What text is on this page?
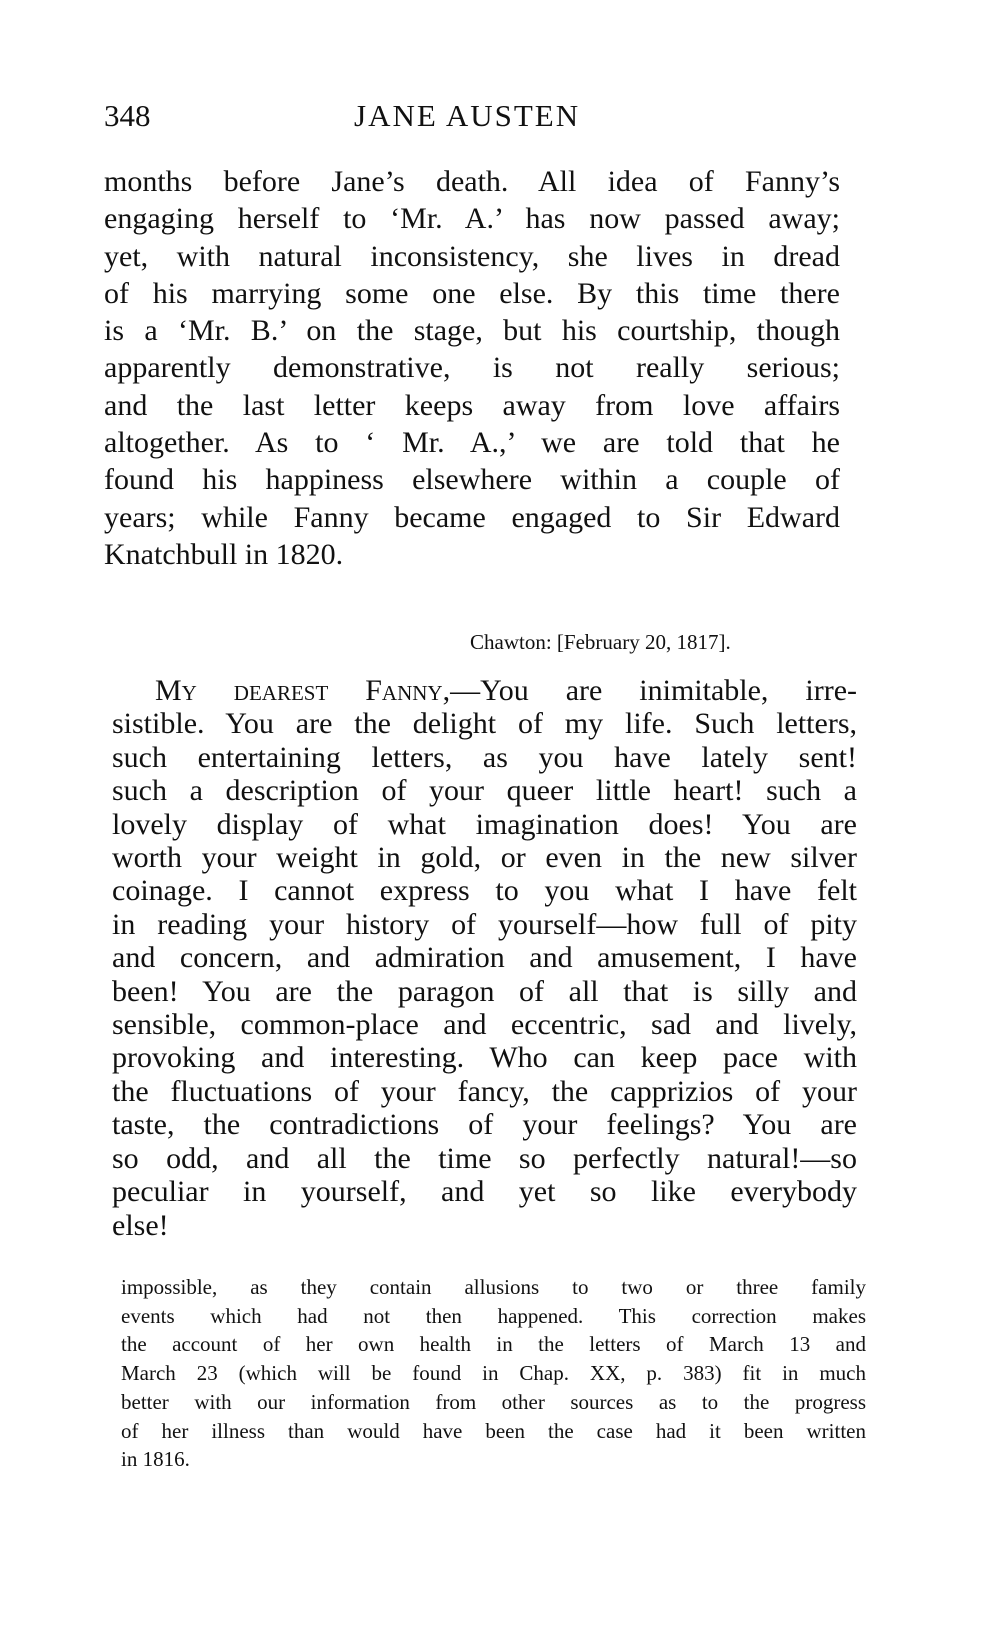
348	JANE AUSTEN
months before Jane’s death. All idea of Fanny’s
engaging herself to ‘Mr. A.’ has now passed away;
yet, with natural inconsistency, she lives in dread
of his marrying some one else. By this time there
is a ‘Mr. B.’ on the stage, but his courtship, though
apparently demonstrative, is not really serious;
and the last letter keeps away from love affairs
altogether. As to ‘ Mr. A.,’ we are told that he
found his happiness elsewhere within a couple of
years; while Fanny became engaged to Sir Edward
Knatchbull in 1820.
Chawton: [February 20, 1817].
My dearest Fanny,—You are inimitable, irre-
sistible. You are the delight of my life. Such letters,
such entertaining letters, as you have lately sent!
such a description of your queer little heart! such a
lovely display of what imagination does! You are
worth your weight in gold, or even in the new silver
coinage. I cannot express to you what I have felt
in reading your history of yourself—how full of pity
and concern, and admiration and amusement, I have
been! You are the paragon of all that is silly and
sensible, common-place and eccentric, sad and lively,
provoking and interesting. Who can keep pace with
the fluctuations of your fancy, the capprizios of your
taste, the contradictions of your feelings? You are
so odd, and all the time so perfectly natural!—so
peculiar in yourself, and yet so like everybody
else!
impossible, as they contain allusions to two or three family
events which had not then happened. This correction makes
the account of her own health in the letters of March 13 and
March 23 (which will be found in Chap. XX, p. 383) fit in much
better with our information from other sources as to the progress
of her illness than would have been the case had it been written
in 1816.
